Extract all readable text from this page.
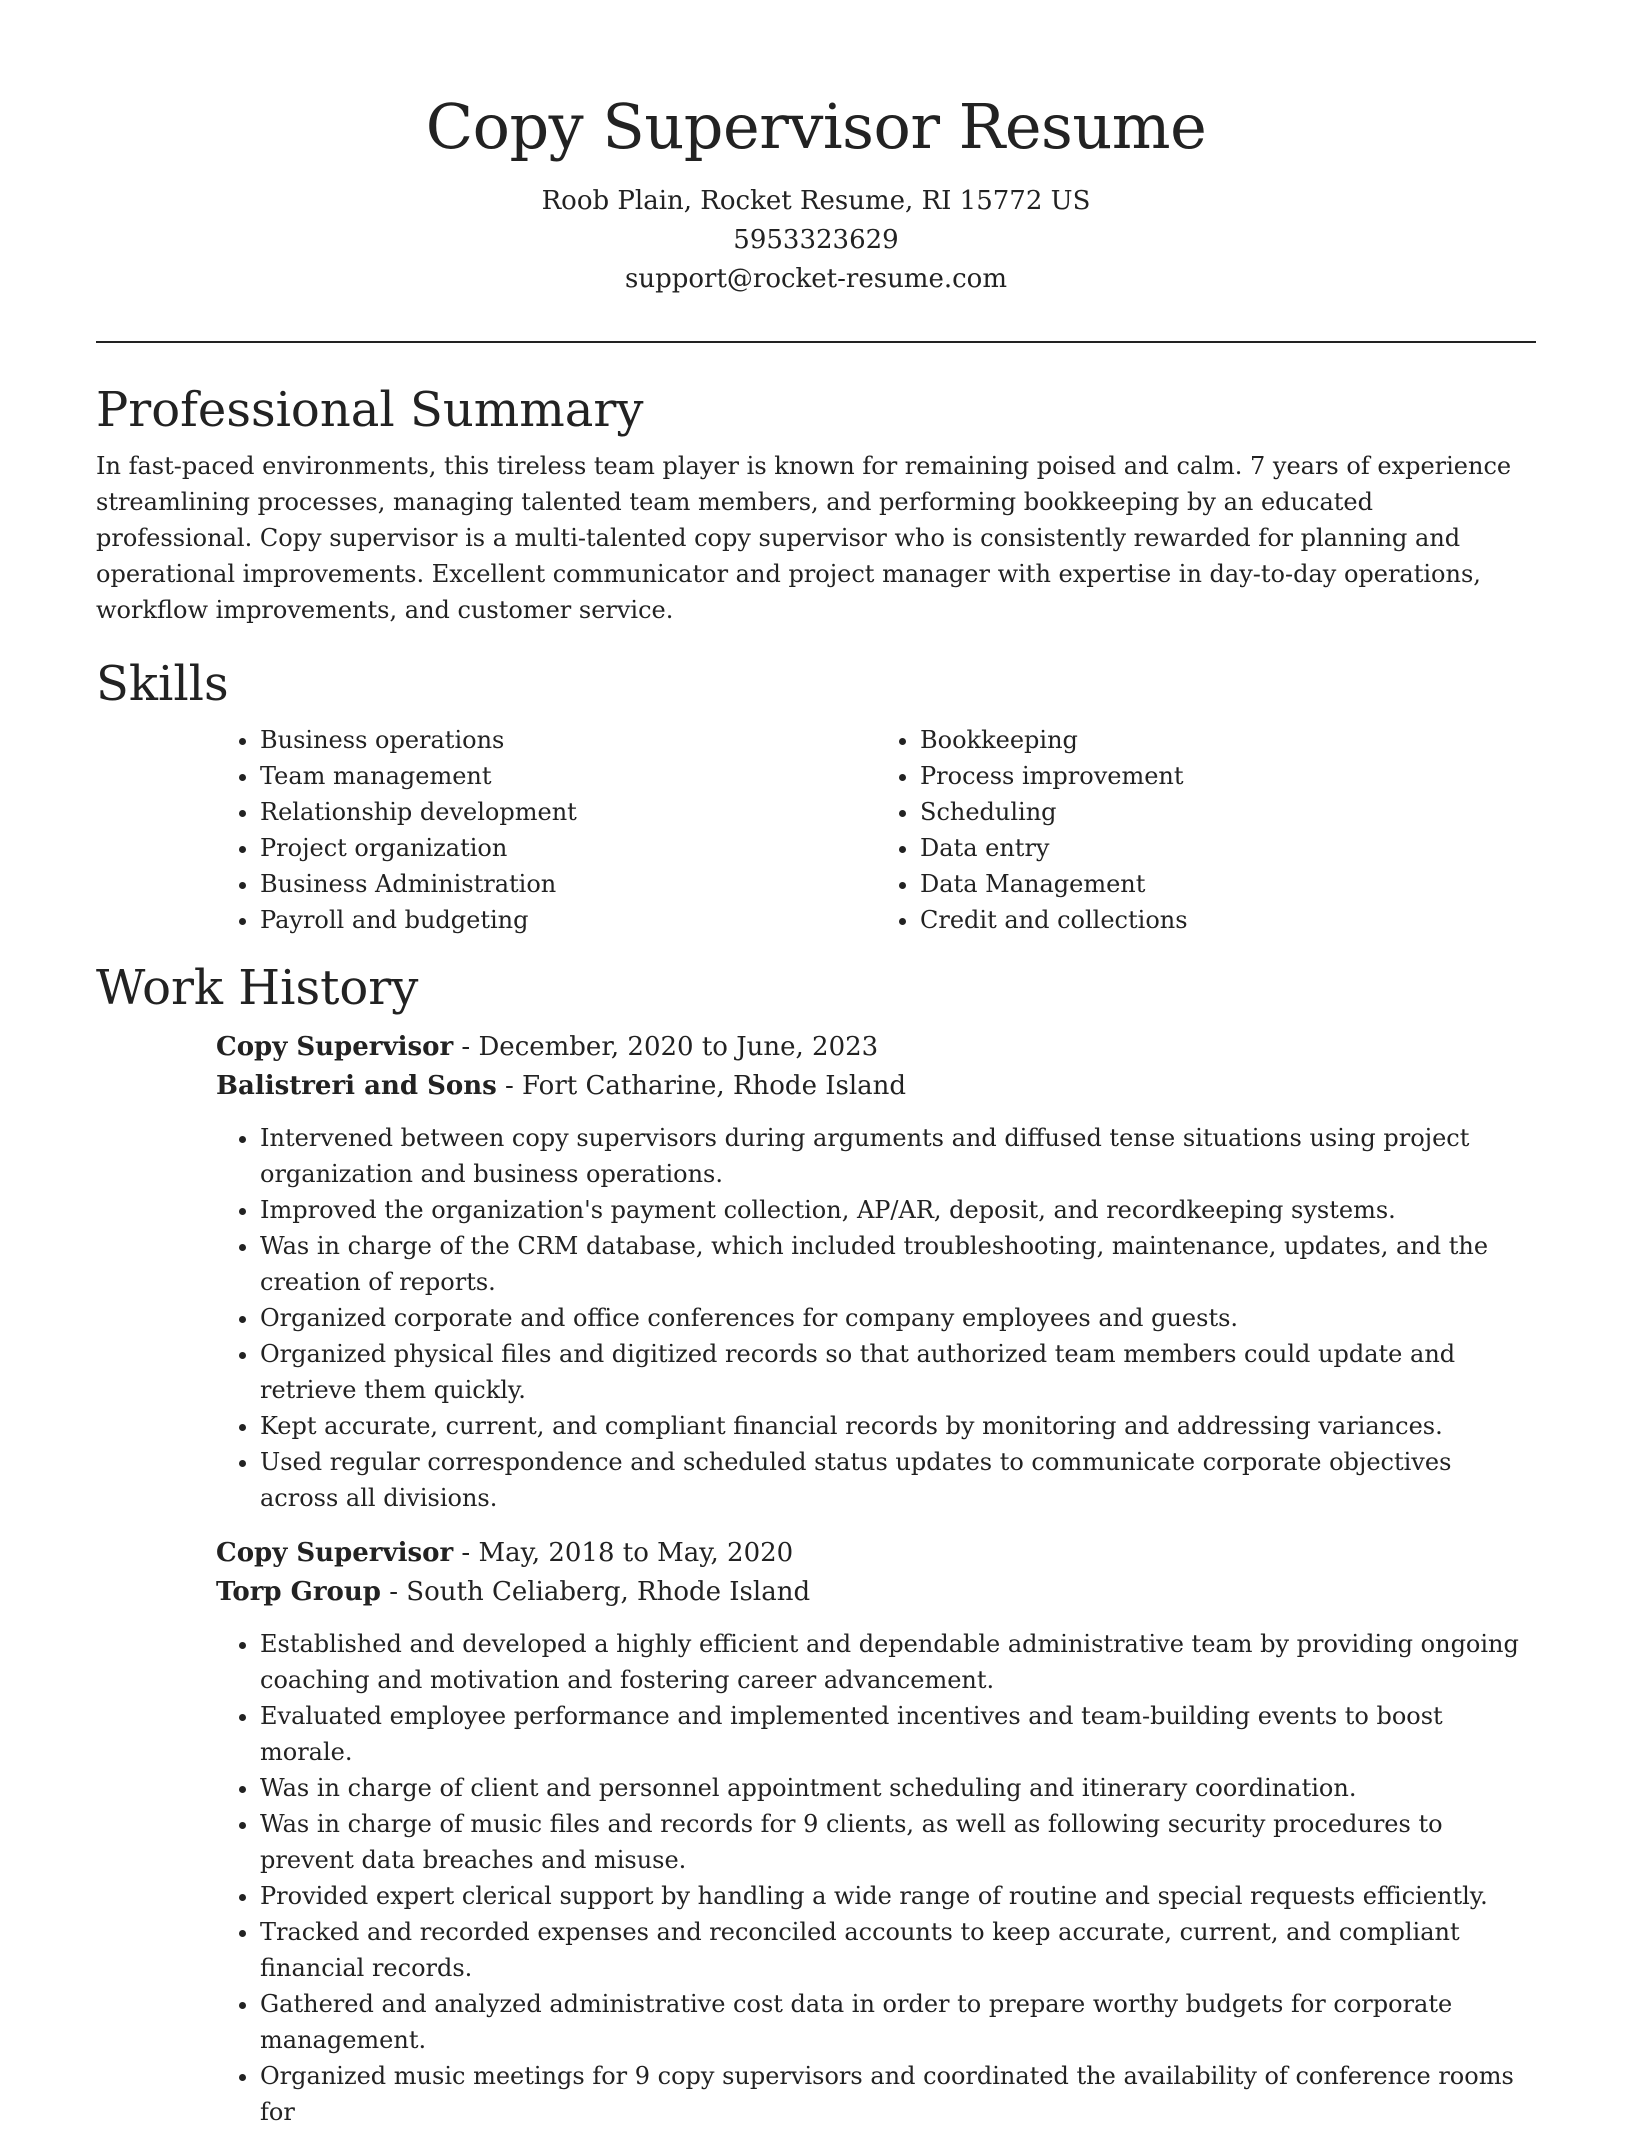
Copy Supervisor Resume
Roob Plain, Rocket Resume, RI 15772 US
5953323629
support@rocket-resume.com
Professional Summary

In fast-paced environments, this tireless team player is known for remaining poised and calm. 7 years of experience streamlining processes, managing talented team members, and performing bookkeeping by an educated professional. Copy supervisor is a multi-talented copy supervisor who is consistently rewarded for planning and operational improvements. Excellent communicator and project manager with expertise in day-to-day operations, workflow improvements, and customer service.

Skills
• Business operations
• Team management
• Relationship development
• Project organization
• Business Administration
• Payroll and budgeting
• Bookkeeping
• Process improvement
• Scheduling
• Data entry
• Data Management
• Credit and collections
Work History
Copy Supervisor - December, 2020 to June, 2023
Balistreri and Sons - Fort Catharine, Rhode Island
• Intervened between copy supervisors during arguments and diffused tense situations using project organization and business operations.
• Improved the organization's payment collection, AP/AR, deposit, and recordkeeping systems.
• Was in charge of the CRM database, which included troubleshooting, maintenance, updates, and the creation of reports.
• Organized corporate and office conferences for company employees and guests.
• Organized physical files and digitized records so that authorized team members could update and retrieve them quickly.
• Kept accurate, current, and compliant financial records by monitoring and addressing variances.
• Used regular correspondence and scheduled status updates to communicate corporate objectives across all divisions.
Copy Supervisor - May, 2018 to May, 2020
Torp Group - South Celiaberg, Rhode Island
• Established and developed a highly efficient and dependable administrative team by providing ongoing coaching and motivation and fostering career advancement.
• Evaluated employee performance and implemented incentives and team-building events to boost morale.
• Was in charge of client and personnel appointment scheduling and itinerary coordination.
• Was in charge of music files and records for 9 clients, as well as following security procedures to prevent data breaches and misuse.
• Provided expert clerical support by handling a wide range of routine and special requests efficiently.
• Tracked and recorded expenses and reconciled accounts to keep accurate, current, and compliant financial records.
• Gathered and analyzed administrative cost data in order to prepare worthy budgets for corporate management.
• Organized music meetings for 9 copy supervisors and coordinated the availability of conference rooms for
